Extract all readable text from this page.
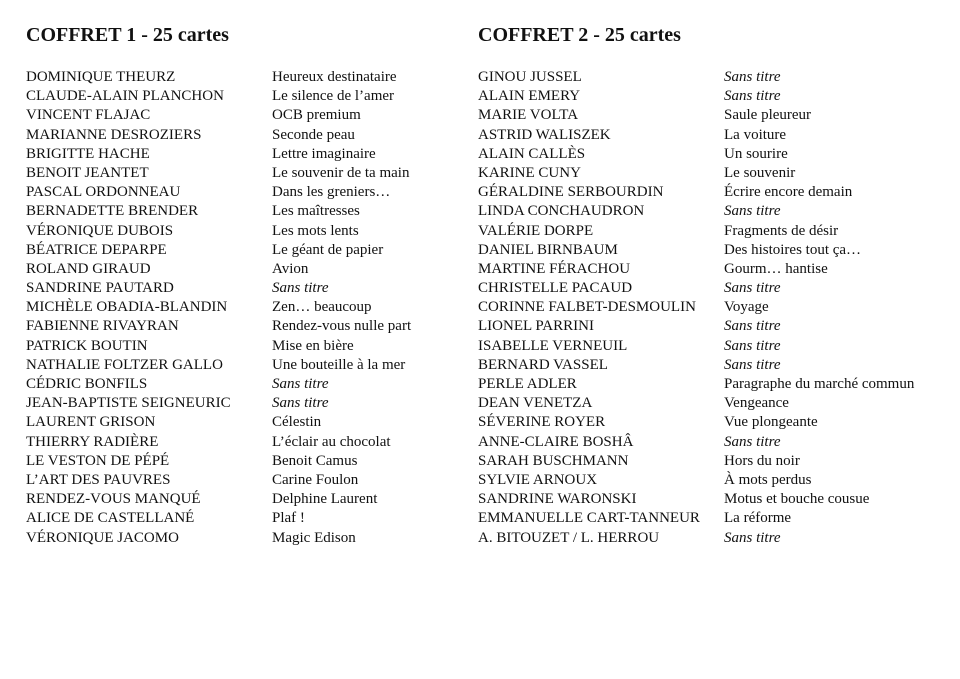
COFFRET 1 - 25 cartes
DOMINIQUE THEURZ	Heureux destinataire
CLAUDE-ALAIN PLANCHON	Le silence de l’amer
VINCENT FLAJAC	OCB premium
MARIANNE DESROZIERS	Seconde peau
BRIGITTE HACHE	Lettre imaginaire
BENOIT JEANTET	Le souvenir de ta main
PASCAL ORDONNEAU	Dans les greniers…
BERNADETTE BRENDER	Les maîtresses
VÉRONIQUE DUBOIS	Les mots lents
BÉATRICE DEPARPE	Le géant de papier
ROLAND GIRAUD	Avion
SANDRINE PAUTARD	Sans titre
MICHÈLE OBADIA-BLANDIN	Zen… beaucoup
FABIENNE RIVAYRAN	Rendez-vous nulle part
PATRICK BOUTIN	Mise en bière
NATHALIE FOLTZER GALLO	Une bouteille à la mer
CÉDRIC BONFILS	Sans titre
JEAN-BAPTISTE SEIGNEURIC	Sans titre
LAURENT GRISON	Célestin
THIERRY RADIÈRE	L’éclair au chocolat
LE VESTON DE PÉPÉ	Benoit Camus
L’ART DES PAUVRES	Carine Foulon
RENDEZ-VOUS MANQUÉ	Delphine Laurent
ALICE DE CASTELLANÉ	Plaf !
VÉRONIQUE JACOMO	Magic Edison
COFFRET 2 - 25 cartes
GINOU JUSSEL	Sans titre
ALAIN EMERY	Sans titre
MARIE VOLTA	Saule pleureur
ASTRID WALISZEK	La voiture
ALAIN CALLÈS	Un sourire
KARINE CUNY	Le souvenir
GÉRALDINE SERBOURDIN	Écrire encore demain
LINDA CONCHAUDRON	Sans titre
VALÉRIE DORPE	Fragments de désir
DANIEL BIRNBAUM	Des histoires tout ça…
MARTINE FÉRACHOU	Gourm… hantise
CHRISTELLE PACAUD	Sans titre
CORINNE FALBET-DESMOULIN	Voyage
LIONEL PARRINI	Sans titre
ISABELLE VERNEUIL	Sans titre
BERNARD VASSEL	Sans titre
PERLE ADLER	Paragraphe du marché commun
DEAN VENETZA	Vengeance
SÉVERINE ROYER	Vue plongeante
ANNE-CLAIRE BOSHÂ	Sans titre
SARAH BUSCHMANN	Hors du noir
SYLVIE ARNOUX	À mots perdus
SANDRINE WARONSKI	Motus et bouche cousue
EMMANUELLE CART-TANNEUR	La réforme
A. BITOUZET / L. HERROU	Sans titre
